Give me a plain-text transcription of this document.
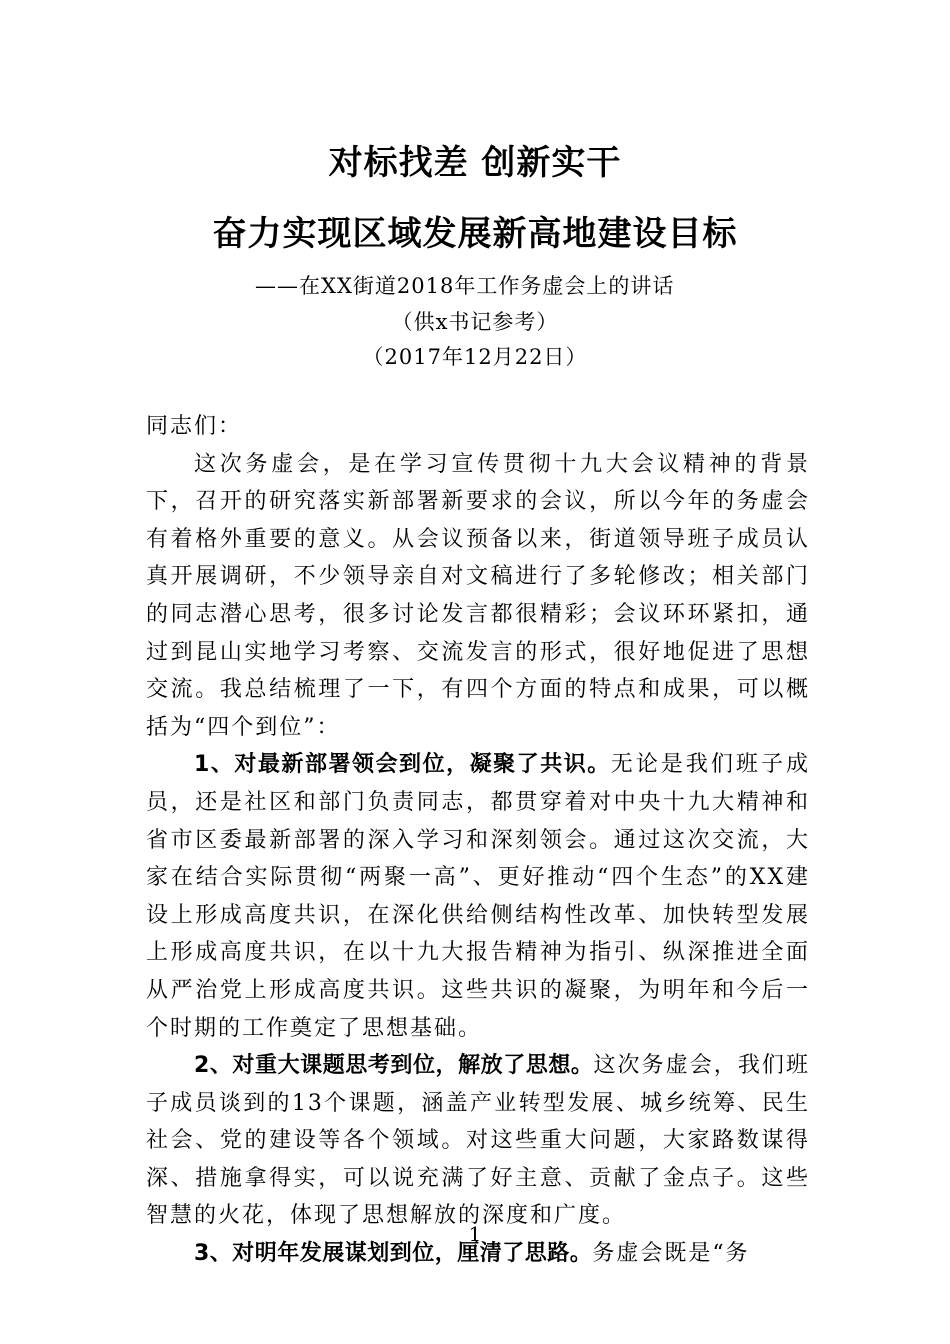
对标找差 创新实干
奋力实现区域发展新高地建设目标
——在XX街道2018年工作务虚会上的讲话
（供x书记参考）
（2017年12月22日）

同志们：

这次务虚会，是在学习宣传贯彻十九大会议精神的背景下，召开的研究落实新部署新要求的会议，所以今年的务虚会有着格外重要的意义。从会议预备以来，街道领导班子成员认真开展调研，不少领导亲自对文稿进行了多轮修改；相关部门的同志潜心思考，很多讨论发言都很精彩；会议环环紧扣，通过到昆山实地学习考察、交流发言的形式，很好地促进了思想交流。我总结梳理了一下，有四个方面的特点和成果，可以概括为“四个到位”：

1、对最新部署领会到位，凝聚了共识。无论是我们班子成员，还是社区和部门负责同志，都贯穿着对中央十九大精神和省市区委最新部署的深入学习和深刻领会。通过这次交流，大家在结合实际贯彻“两聚一高”、更好推动“四个生态”的XX建设上形成高度共识，在深化供给侧结构性改革、加快转型发展上形成高度共识，在以十九大报告精神为指引、纵深推进全面从严治党上形成高度共识。这些共识的凝聚，为明年和今后一个时期的工作奠定了思想基础。

2、对重大课题思考到位，解放了思想。这次务虚会，我们班子成员谈到的13个课题，涵盖产业转型发展、城乡统筹、民生社会、党的建设等各个领域。对这些重大问题，大家路数谋得深、措施拿得实，可以说充满了好主意、贡献了金点子。这些智慧的火花，体现了思想解放的深度和广度。

3、对明年发展谋划到位，厘清了思路。务虚会既是“务

1
